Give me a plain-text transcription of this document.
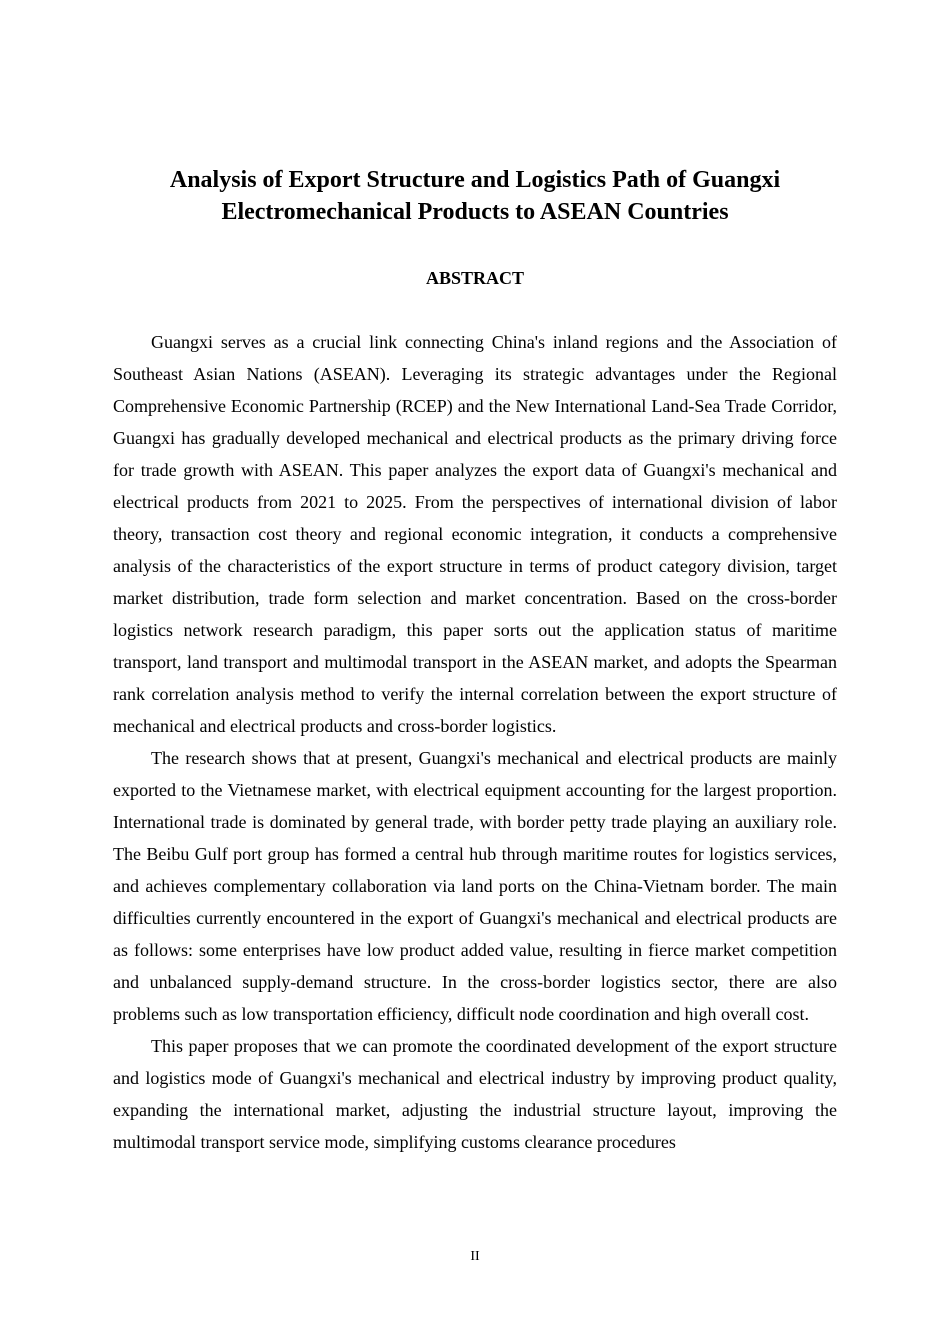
Analysis of Export Structure and Logistics Path of Guangxi
Electromechanical Products to ASEAN Countries
ABSTRACT

Guangxi serves as a crucial link connecting China's inland regions and the Association of Southeast Asian Nations (ASEAN). Leveraging its strategic advantages under the Regional Comprehensive Economic Partnership (RCEP) and the New International Land-Sea Trade Corridor, Guangxi has gradually developed mechanical and electrical products as the primary driving force for trade growth with ASEAN. This paper analyzes the export data of Guangxi's mechanical and electrical products from 2021 to 2025. From the perspectives of international division of labor theory, transaction cost theory and regional economic integration, it conducts a comprehensive analysis of the characteristics of the export structure in terms of product category division, target market distribution, trade form selection and market concentration. Based on the cross-border logistics network research paradigm, this paper sorts out the application status of maritime transport, land transport and multimodal transport in the ASEAN market, and adopts the Spearman rank correlation analysis method to verify the internal correlation between the export structure of mechanical and electrical products and cross-border logistics.

The research shows that at present, Guangxi's mechanical and electrical products are mainly exported to the Vietnamese market, with electrical equipment accounting for the largest proportion. International trade is dominated by general trade, with border petty trade playing an auxiliary role. The Beibu Gulf port group has formed a central hub through maritime routes for logistics services, and achieves complementary collaboration via land ports on the China-Vietnam border. The main difficulties currently encountered in the export of Guangxi's mechanical and electrical products are as follows: some enterprises have low product added value, resulting in fierce market competition and unbalanced supply-demand structure. In the cross-border logistics sector, there are also problems such as low transportation efficiency, difficult node coordination and high overall cost.

This paper proposes that we can promote the coordinated development of the export structure and logistics mode of Guangxi's mechanical and electrical industry by improving product quality, expanding the international market, adjusting the industrial structure layout, improving the multimodal transport service mode, simplifying customs clearance procedures

II
